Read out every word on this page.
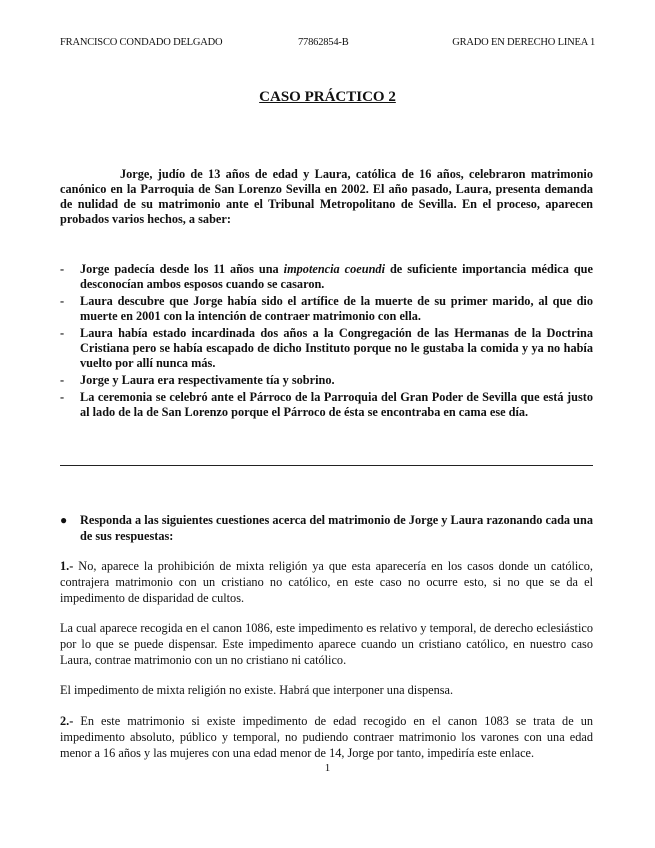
FRANCISCO CONDADO DELGADO	77862854-B	GRADO EN DERECHO LINEA 1
CASO PRÁCTICO 2

Jorge, judío de 13 años de edad y Laura, católica de 16 años, celebraron matrimonio canónico en la Parroquia de San Lorenzo Sevilla en 2002. El año pasado, Laura, presenta demanda de nulidad de su matrimonio ante el Tribunal Metropolitano de Sevilla. En el proceso, aparecen probados varios hechos, a saber:

- Jorge padecía desde los 11 años una impotencia coeundi de suficiente importancia médica que desconocían ambos esposos cuando se casaron.
- Laura descubre que Jorge había sido el artífice de la muerte de su primer marido, al que dio muerte en 2001 con la intención de contraer matrimonio con ella.
- Laura había estado incardinada dos años a la Congregación de las Hermanas de la Doctrina Cristiana pero se había escapado de dicho Instituto porque no le gustaba la comida y ya no había vuelto por allí nunca más.
- Jorge y Laura era respectivamente tía y sobrino.
- La ceremonia se celebró ante el Párroco de la Parroquia del Gran Poder de Sevilla que está justo al lado de la de San Lorenzo porque el Párroco de ésta se encontraba en cama ese día.
●	Responda a las siguientes cuestiones acerca del matrimonio de Jorge y Laura razonando cada una de sus respuestas:

1.- No, aparece la prohibición de mixta religión ya que esta aparecería en los casos donde un católico, contrajera matrimonio con un cristiano no católico, en este caso no ocurre esto, si no que se da el impedimento de disparidad de cultos.

La cual aparece recogida en el canon 1086, este impedimento es relativo y temporal, de derecho eclesiástico por lo que se puede dispensar. Este impedimento aparece cuando un cristiano católico, en nuestro caso Laura, contrae matrimonio con un no cristiano ni católico.

El impedimento de mixta religión no existe. Habrá que interponer una dispensa.

2.- En este matrimonio si existe impedimento de edad recogido en el canon 1083 se trata de un impedimento absoluto, público y temporal, no pudiendo contraer matrimonio los varones con una edad menor a 16 años y las mujeres con una edad menor de 14, Jorge por tanto, impediría este enlace.

1
